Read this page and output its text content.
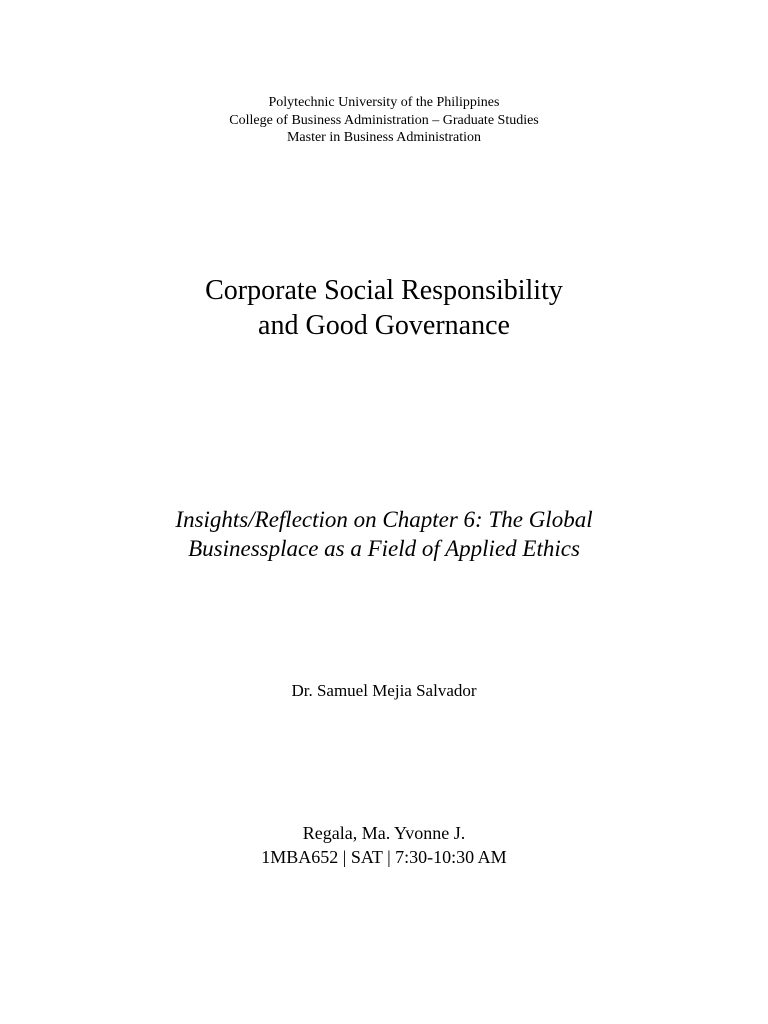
Polytechnic University of the Philippines
College of Business Administration – Graduate Studies
Master in Business Administration
Corporate Social Responsibility
and Good Governance
Insights/Reflection on Chapter 6: The Global
Businessplace as a Field of Applied Ethics
Dr. Samuel Mejia Salvador
Regala, Ma. Yvonne J.
1MBA652 | SAT | 7:30-10:30 AM
